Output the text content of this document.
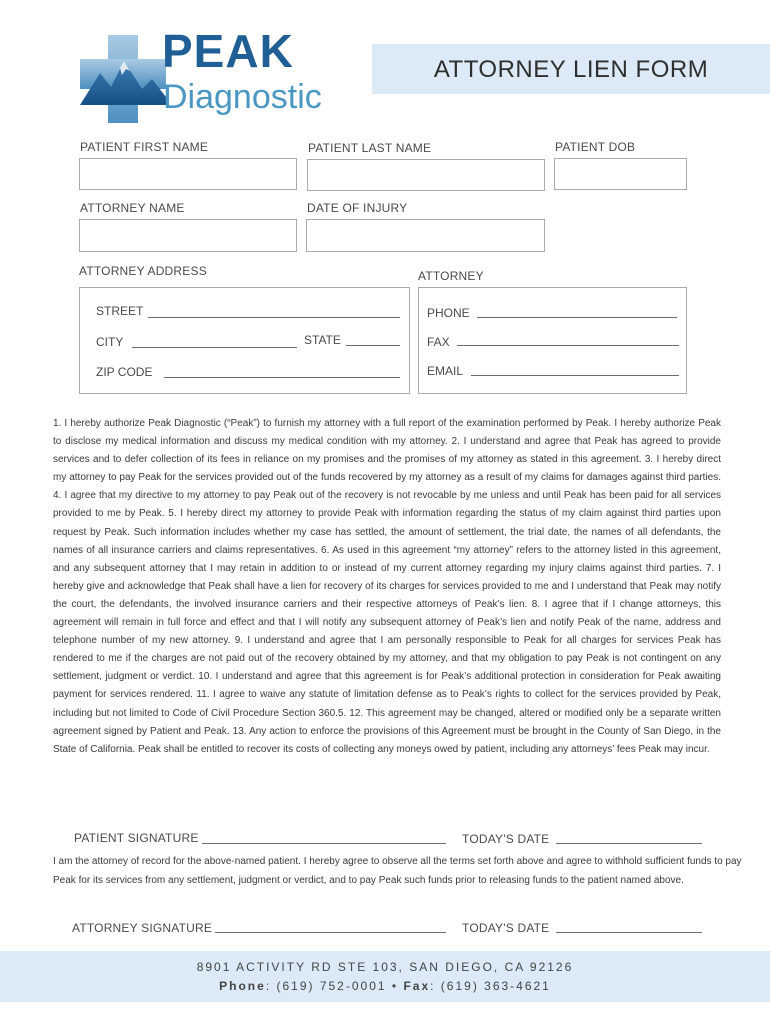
PEAK
Diagnostic
ATTORNEY LIEN FORM
PATIENT FIRST NAME	PATIENT LAST NAME	PATIENT DOB
ATTORNEY NAME	DATE OF INJURY
ATTORNEY ADDRESS	ATTORNEY
STREET
CITY	STATE
ZIP CODE
PHONE
FAX
EMAIL

1. I hereby authorize Peak Diagnostic (“Peak”) to furnish my attorney with a full report of the examination performed by Peak. I hereby authorize Peak to disclose my medical information and discuss my medical condition with my attorney. 2. I understand and agree that Peak has agreed to provide services and to defer collection of its fees in reliance on my promises and the promises of my attorney as stated in this agreement. 3. I hereby direct my attorney to pay Peak for the services provided out of the funds recovered by my attorney as a result of my claims for damages against third parties. 4. I agree that my directive to my attorney to pay Peak out of the recovery is not revocable by me unless and until Peak has been paid for all services provided to me by Peak. 5. I hereby direct my attorney to provide Peak with information regarding the status of my claim against third parties upon request by Peak. Such information includes whether my case has settled, the amount of settlement, the trial date, the names of all defendants, the names of all insurance carriers and claims representatives. 6. As used in this agreement “my attorney” refers to the attorney listed in this agreement, and any subsequent attorney that I may retain in addition to or instead of my current attorney regarding my injury claims against third parties. 7. I hereby give and acknowledge that Peak shall have a lien for recovery of its charges for services provided to me and I understand that Peak may notify the court, the defendants, the involved insurance carriers and their respective attorneys of Peak’s lien. 8. I agree that if I change attorneys, this agreement will remain in full force and effect and that I will notify any subsequent attorney of Peak’s lien and notify Peak of the name, address and telephone number of my new attorney. 9. I understand and agree that I am personally responsible to Peak for all charges for services Peak has rendered to me if the charges are not paid out of the recovery obtained by my attorney, and that my obligation to pay Peak is not contingent on any settlement, judgment or verdict. 10. I understand and agree that this agreement is for Peak’s additional protection in consideration for Peak awaiting payment for services rendered. 11. I agree to waive any statute of limitation defense as to Peak’s rights to collect for the services provided by Peak, including but not limited to Code of Civil Procedure Section 360.5. 12. This agreement may be changed, altered or modified only be a separate written agreement signed by Patient and Peak. 13. Any action to enforce the provisions of this Agreement must be brought in the County of San Diego, in the State of California. Peak shall be entitled to recover its costs of collecting any moneys owed by patient, including any attorneys’ fees Peak may incur.

PATIENT SIGNATURE	TODAY'S DATE

I am the attorney of record for the above-named patient. I hereby agree to observe all the terms set forth above and agree to withhold sufficient funds to pay Peak for its services from any settlement, judgment or verdict, and to pay Peak such funds prior to releasing funds to the patient named above.

ATTORNEY SIGNATURE	TODAY'S DATE
8901 ACTIVITY RD STE 103, SAN DIEGO, CA 92126
Phone: (619) 752-0001 • Fax: (619) 363-4621
